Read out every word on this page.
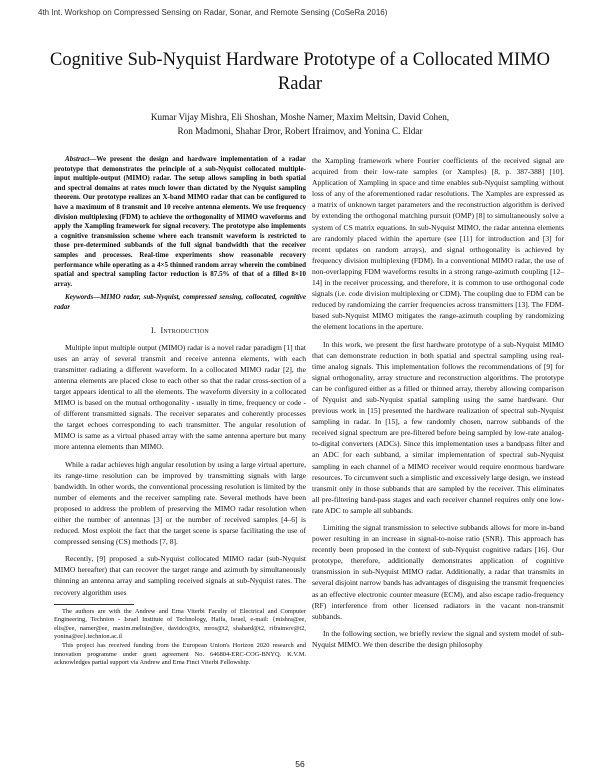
4th Int. Workshop on Compressed Sensing on Radar, Sonar, and Remote Sensing (CoSeRa 2016)
Cognitive Sub-Nyquist Hardware Prototype of a Collocated MIMO Radar
Kumar Vijay Mishra, Eli Shoshan, Moshe Namer, Maxim Meltsin, David Cohen,
Ron Madmoni, Shahar Dror, Robert Ifraimov, and Yonina C. Eldar

Abstract—We present the design and hardware implementation of a radar prototype that demonstrates the principle of a sub-Nyquist collocated multiple-input multiple-output (MIMO) radar. The setup allows sampling in both spatial and spectral domains at rates much lower than dictated by the Nyquist sampling theorem. Our prototype realizes an X-band MIMO radar that can be configured to have a maximum of 8 transmit and 10 receive antenna elements. We use frequency division multiplexing (FDM) to achieve the orthogonality of MIMO waveforms and apply the Xampling framework for signal recovery. The prototype also implements a cognitive transmission scheme where each transmit waveform is restricted to those pre-determined subbands of the full signal bandwidth that the receiver samples and processes. Real-time experiments show reasonable recovery performance while operating as a 4×5 thinned random array wherein the combined spatial and spectral sampling factor reduction is 87.5% of that of a filled 8×10 array.

Keywords—MIMO radar, sub-Nyquist, compressed sensing, collocated, cognitive radar

I. Introduction

Multiple input multiple output (MIMO) radar is a novel radar paradigm [1] that uses an array of several transmit and receive antenna elements, with each transmitter radiating a different waveform. In a collocated MIMO radar [2], the antenna elements are placed close to each other so that the radar cross-section of a target appears identical to all the elements. The waveform diversity in a collocated MIMO is based on the mutual orthogonality - usually in time, frequency or code - of different transmitted signals. The receiver separates and coherently processes the target echoes corresponding to each transmitter. The angular resolution of MIMO is same as a virtual phased array with the same antenna aperture but many more antenna elements than MIMO.

While a radar achieves high angular resolution by using a large virtual aperture, its range-time resolution can be improved by transmitting signals with large bandwidth. In other words, the conventional processing resolution is limited by the number of elements and the receiver sampling rate. Several methods have been proposed to address the problem of preserving the MIMO radar resolution when either the number of antennas [3] or the number of received samples [4–6] is reduced. Most exploit the fact that the target scene is sparse facilitating the use of compressed sensing (CS) methods [7, 8].

Recently, [9] proposed a sub-Nyquist collocated MIMO radar (sub-Nyquist MIMO hereafter) that can recover the target range and azimuth by simultaneously thinning an antenna array and sampling received signals at sub-Nyquist rates. The recovery algorithm uses

The authors are with the Andrew and Erna Viterbi Faculty of Electrical and Computer Engineering, Technion - Israel Institute of Technology, Haifa, Israel, e-mail: {mishra@ee, elis@ee, namer@ee, maxim.meltsin@ee, davidco@tx, mros@t2, shahard@t2, rifraimov@t2, yonina@ee}.technion.ac.il

This project has received funding from the European Union's Horizon 2020 research and innovation programme under grant agreement No. 646804-ERC-COG-BNYQ. K.V.M. acknowledges partial support via Andrew and Erna Finci Viterbi Fellowship.

the Xampling framework where Fourier coefficients of the received signal are acquired from their low-rate samples (or Xamples) [8, p. 387-388] [10]. Application of Xampling in space and time enables sub-Nyquist sampling without loss of any of the aforementioned radar resolutions. The Xamples are expressed as a matrix of unknown target parameters and the reconstruction algorithm is derived by extending the orthogonal matching pursuit (OMP) [8] to simultaneously solve a system of CS matrix equations. In sub-Nyquist MIMO, the radar antenna elements are randomly placed within the aperture (see [11] for introduction and [3] for recent updates on random arrays), and signal orthogonality is achieved by frequency division multiplexing (FDM). In a conventional MIMO radar, the use of non-overlapping FDM waveforms results in a strong range-azimuth coupling [12–14] in the receiver processing, and therefore, it is common to use orthogonal code signals (i.e. code division multiplexing or CDM). The coupling due to FDM can be reduced by randomizing the carrier frequencies across transmitters [13]. The FDM-based sub-Nyquist MIMO mitigates the range-azimuth coupling by randomizing the element locations in the aperture.

In this work, we present the first hardware prototype of a sub-Nyquist MIMO that can demonstrate reduction in both spatial and spectral sampling using real-time analog signals. This implementation follows the recommendations of [9] for signal orthogonality, array structure and reconstruction algorithms. The prototype can be configured either as a filled or thinned array, thereby allowing comparison of Nyquist and sub-Nyquist spatial sampling using the same hardware. Our previous work in [15] presented the hardware realization of spectral sub-Nyquist sampling in radar. In [15], a few randomly chosen, narrow subbands of the received signal spectrum are pre-filtered before being sampled by low-rate analog-to-digital converters (ADCs). Since this implementation uses a bandpass filter and an ADC for each subband, a similar implementation of spectral sub-Nyquist sampling in each channel of a MIMO receiver would require enormous hardware resources. To circumvent such a simplistic and excessively large design, we instead transmit only in those subbands that are sampled by the receiver. This eliminates all pre-filtering band-pass stages and each receiver channel requires only one low-rate ADC to sample all subbands.

Limiting the signal transmission to selective subbands allows for more in-band power resulting in an increase in signal-to-noise ratio (SNR). This approach has recently been proposed in the context of sub-Nyquist cognitive radars [16]. Our prototype, therefore, additionally demonstrates application of cognitive transmission in sub-Nyquist MIMO radar. Additionally, a radar that transmits in several disjoint narrow bands has advantages of disguising the transmit frequencies as an effective electronic counter measure (ECM), and also escape radio-frequency (RF) interference from other licensed radiators in the vacant non-transmit subbands.

In the following section, we briefly review the signal and system model of sub-Nyquist MIMO. We then describe the design philosophy

56
